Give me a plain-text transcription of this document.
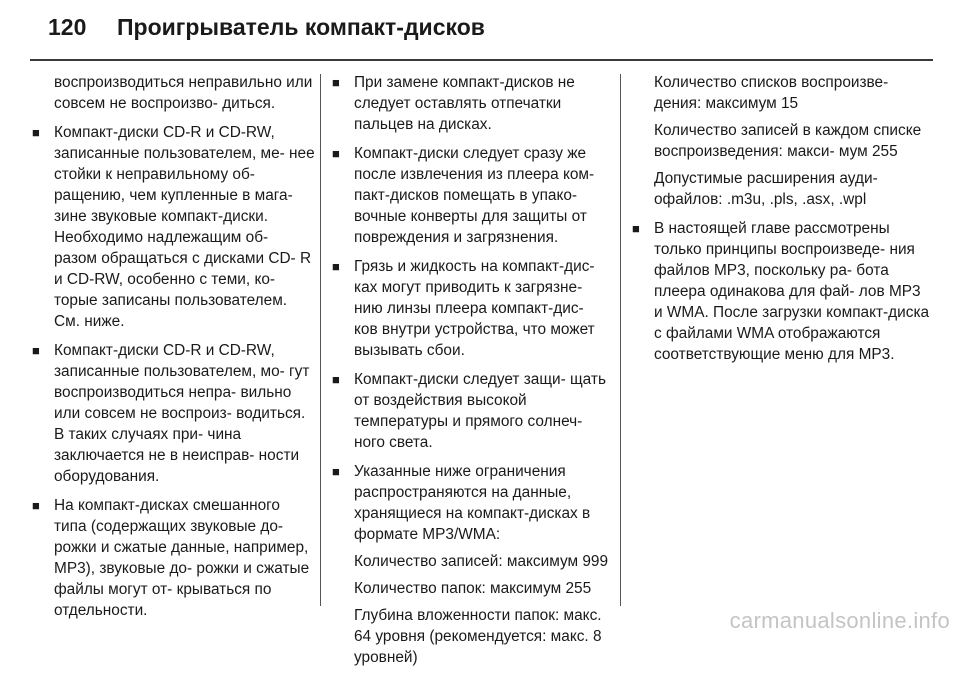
120 Проигрыватель компакт-дисков

воспроизводиться неправильно или совсем не воспроизво- диться.

■ Компакт-диски CD-R и CD-RW, записанные пользователем, ме- нее стойки к неправильному об- ращению, чем купленные в мага- зине звуковые компакт-диски. Необходимо надлежащим об- разом обращаться с дисками CD- R и CD-RW, особенно с теми, ко- торые записаны пользователем. См. ниже.

■ Компакт-диски CD-R и CD-RW, записанные пользователем, мо- гут воспроизводиться непра- вильно или совсем не воспроиз- водиться. В таких случаях при- чина заключается не в неисправ- ности оборудования.

■ На компакт-дисках смешанного типа (содержащих звуковые до- рожки и сжатые данные, например, MP3), звуковые до- рожки и сжатые файлы могут от- крываться по отдельности.

■ При замене компакт-дисков не следует оставлять отпечатки пальцев на дисках.

■ Компакт-диски следует сразу же после извлечения из плеера ком- пакт-дисков помещать в упако- вочные конверты для защиты от повреждения и загрязнения.

■ Грязь и жидкость на компакт-дис- ках могут приводить к загрязне- нию линзы плеера компакт-дис- ков внутри устройства, что может вызывать сбои.

■ Компакт-диски следует защи- щать от воздействия высокой температуры и прямого солнеч- ного света.

■ Указанные ниже ограничения распространяются на данные, хранящиеся на компакт-дисках в формате MP3/WMA:

Количество записей: максимум 999

Количество папок: максимум 255

Глубина вложенности папок: макс. 64 уровня (рекомендуется: макс. 8 уровней)

Количество списков воспроизве- дения: максимум 15

Количество записей в каждом списке воспроизведения: макси- мум 255

Допустимые расширения ауди- офайлов: .m3u, .pls, .asx, .wpl

■ В настоящей главе рассмотрены только принципы воспроизведе- ния файлов MP3, поскольку ра- бота плеера одинакова для фай- лов MP3 и WMA. После загрузки компакт-диска с файлами WMA отображаются соответствующие меню для MP3.

carmanualsonline.info
